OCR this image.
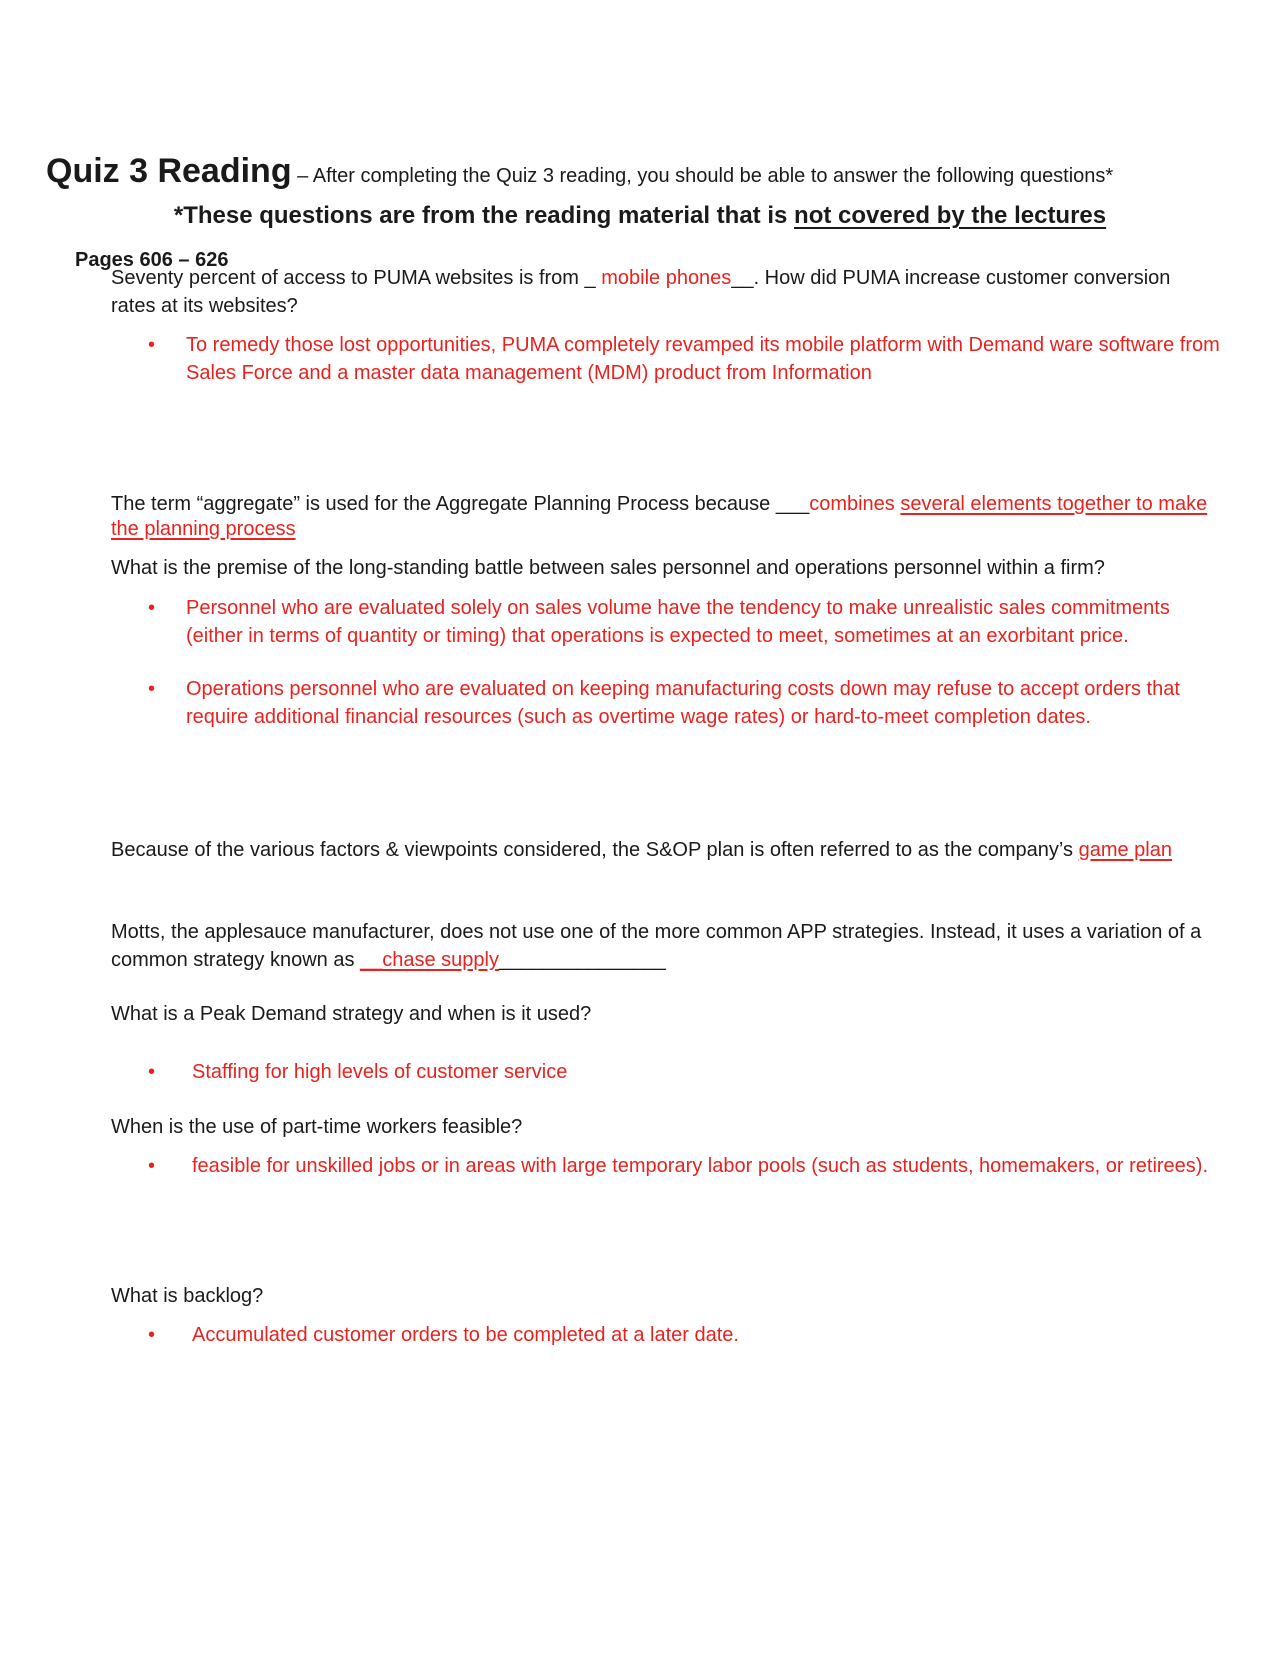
Quiz 3 Reading – After completing the Quiz 3 reading, you should be able to answer the following questions*
*These questions are from the reading material that is not covered by the lectures
Pages 606 – 626
Seventy percent of access to PUMA websites is from _ mobile phones__. How did PUMA increase customer conversion rates at its websites?
• To remedy those lost opportunities, PUMA completely revamped its mobile platform with Demand ware software from Sales Force and a master data management (MDM) product from Information
The term “aggregate” is used for the Aggregate Planning Process because ___combines several elements together to make the planning process
What is the premise of the long-standing battle between sales personnel and operations personnel within a firm?
• Personnel who are evaluated solely on sales volume have the tendency to make unrealistic sales commitments (either in terms of quantity or timing) that operations is expected to meet, sometimes at an exorbitant price.
• Operations personnel who are evaluated on keeping manufacturing costs down may refuse to accept orders that require additional financial resources (such as overtime wage rates) or hard-to-meet completion dates.
Because of the various factors & viewpoints considered, the S&OP plan is often referred to as the company’s game plan
Motts, the applesauce manufacturer, does not use one of the more common APP strategies. Instead, it uses a variation of a common strategy known as __chase supply_______________
What is a Peak Demand strategy and when is it used?
• Staffing for high levels of customer service
When is the use of part-time workers feasible?
• feasible for unskilled jobs or in areas with large temporary labor pools (such as students, homemakers, or retirees).
What is backlog?
• Accumulated customer orders to be completed at a later date.
